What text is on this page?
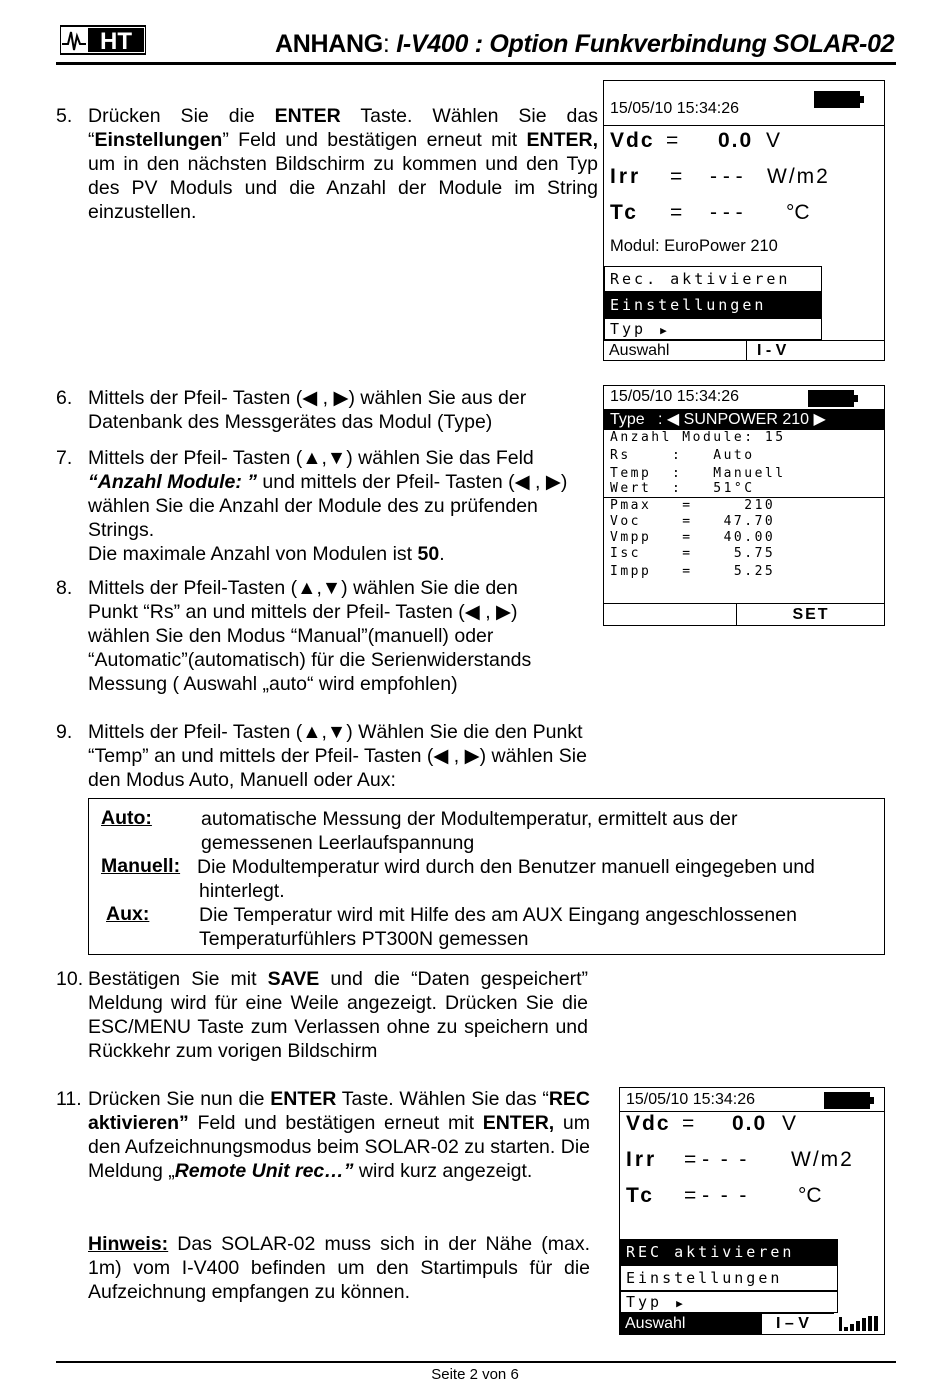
HT	ANHANG: I-V400 : Option Funkverbindung SOLAR-02
5. Drücken Sie die ENTER Taste. Wählen Sie das “Einstellungen” Feld und bestätigen erneut mit ENTER, um in den nächsten Bildschirm zu kommen und den Typ des PV Moduls und die Anzahl der Module im String einzustellen.
15/05/10 15:34:26
Vdc = 0.0 V
Irr = - - - W/m2
Tc = - - - °C
Modul: EuroPower 210
Rec. aktivieren
Einstellungen
Typ ▶
Auswahl	I - V
6. Mittels der Pfeil- Tasten (◀ , ▶) wählen Sie aus der Datenbank des Messgerätes das Modul (Type)
7. Mittels der Pfeil- Tasten (▲,▼) wählen Sie das Feld “Anzahl Module: ” und mittels der Pfeil- Tasten (◀ , ▶) wählen Sie die Anzahl der Module des zu prüfenden Strings.
Die maximale Anzahl von Modulen ist 50.
8. Mittels der Pfeil-Tasten (▲,▼) wählen Sie die den Punkt “Rs” an und mittels der Pfeil- Tasten (◀ , ▶) wählen Sie den Modus “Manual”(manuell) oder “Automatic”(automatisch) für die Serienwiderstands Messung ( Auswahl „auto“ wird empfohlen)
15/05/10 15:34:26
Type   : ◀ SUNPOWER 210 ▶
Anzahl Module: 15
Rs    :   Auto
Temp  :   Manuell
Wert  :   51°C
Pmax   =     210
Voc    =   47.70
Vmpp   =   40.00
Isc    =    5.75
Impp   =    5.25
SET
9. Mittels der Pfeil- Tasten (▲,▼) Wählen Sie die den Punkt “Temp” an und mittels der Pfeil- Tasten (◀ , ▶) wählen Sie den Modus Auto, Manuell oder Aux:
Auto:	automatische Messung der Modultemperatur, ermittelt aus der
gemessenen Leerlaufspannung
Manuell: Die Modultemperatur wird durch den Benutzer manuell eingegeben und
hinterlegt.
Aux:	Die Temperatur wird mit Hilfe des am AUX Eingang angeschlossenen
Temperaturfühlers PT300N gemessen
10. Bestätigen Sie mit SAVE und die “Daten gespeichert” Meldung wird für eine Weile angezeigt. Drücken Sie die ESC/MENU Taste zum Verlassen ohne zu speichern und Rückkehr zum vorigen Bildschirm
11. Drücken Sie nun die ENTER Taste. Wählen Sie das “REC aktivieren” Feld und bestätigen erneut mit ENTER, um den Aufzeichnungsmodus beim SOLAR-02 zu starten. Die Meldung „Remote Unit rec…” wird kurz angezeigt.
Hinweis: Das SOLAR-02 muss sich in der Nähe (max. 1m) vom I-V400 befinden um den Startimpuls für die Aufzeichnung empfangen zu können.
15/05/10 15:34:26
Vdc = 0.0 V
Irr = -  -  - W/m2
Tc = -  -  - °C
REC aktivieren
Einstellungen
Typ ▶
Auswahl	I – V
Seite 2 von 6
